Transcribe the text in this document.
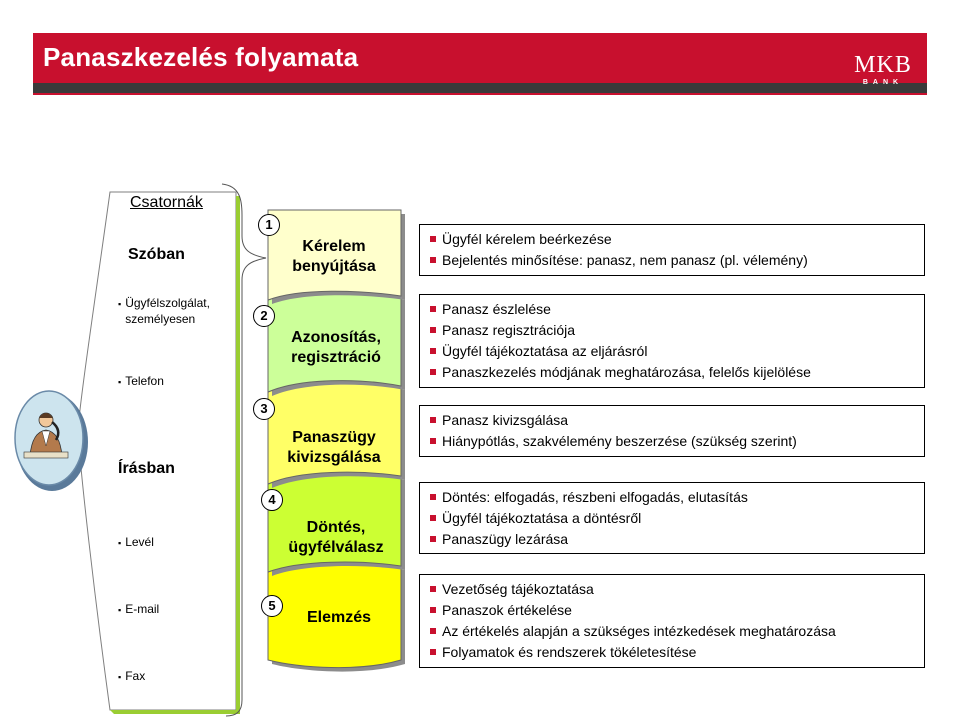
Panaszkezelés folyamata	MKB
BANK
Csatornák
Szóban
▪ Ügyfélszolgálat,
személyesen
▪ Telefon
Írásban
▪ Levél
▪ E-mail
▪ Fax
Kérelem
benyújtása
Azonosítás,
regisztráció
Panaszügy
kivizsgálása
Döntés,
ügyfélválasz
Elemzés
1
2
3
4
5
Ügyfél kérelem beérkezése
Bejelentés minősítése: panasz, nem panasz (pl. vélemény)
Panasz észlelése
Panasz regisztrációja
Ügyfél tájékoztatása az eljárásról
Panaszkezelés módjának meghatározása, felelős kijelölése
Panasz kivizsgálása
Hiánypótlás, szakvélemény beszerzése (szükség szerint)
Döntés: elfogadás, részbeni elfogadás, elutasítás
Ügyfél tájékoztatása a döntésről
Panaszügy lezárása
Vezetőség tájékoztatása
Panaszok értékelése
Az értékelés alapján a szükséges intézkedések meghatározása
Folyamatok és rendszerek tökéletesítése
